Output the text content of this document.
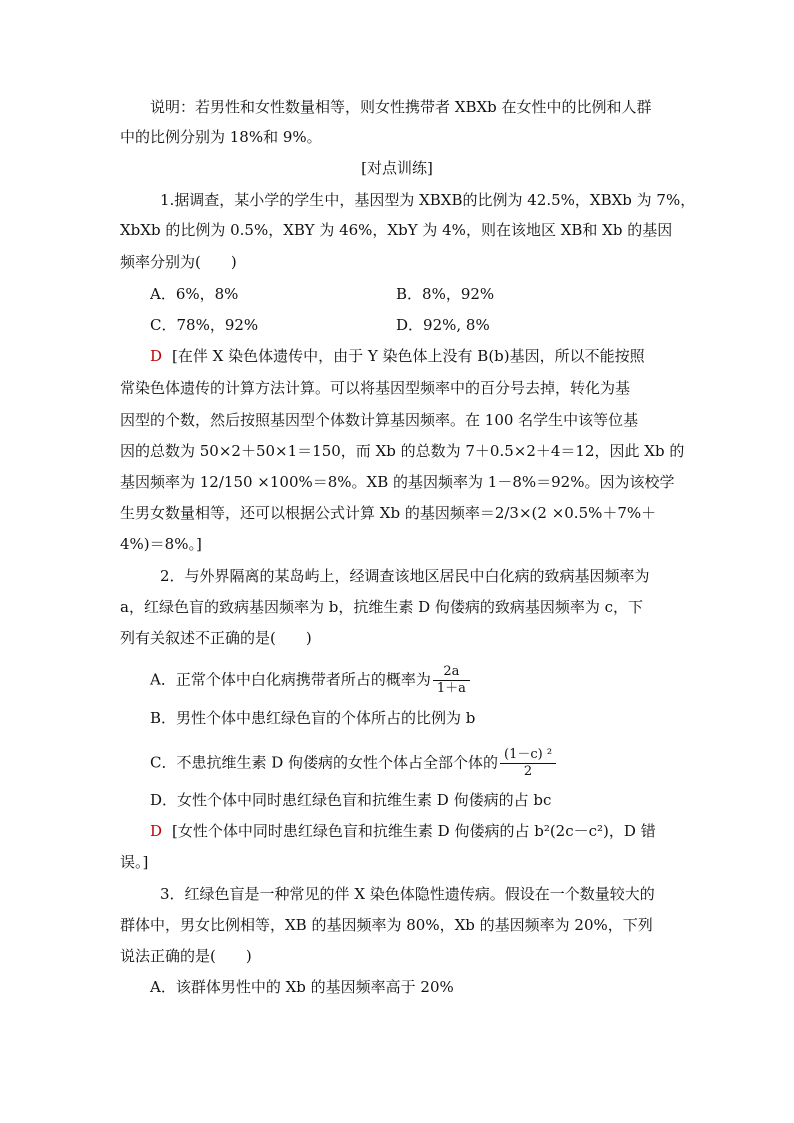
说明：若男性和女性数量相等，则女性携带者 XBXb 在女性中的比例和人群
中的比例分别为 18%和 9%。
[对点训练]
1.据调查，某小学的学生中，基因型为 XBXB的比例为 42.5%，XBXb 为 7%，
XbXb 的比例为 0.5%，XBY 为 46%，XbY 为 4%，则在该地区 XB和 Xb 的基因
频率分别为(　　)
A．6%，8%	B．8%，92%
C．78%，92%	D．92%, 8%
D [在伴 X 染色体遗传中，由于 Y 染色体上没有 B(b)基因，所以不能按照
常染色体遗传的计算方法计算。可以将基因型频率中的百分号去掉，转化为基
因型的个数，然后按照基因型个体数计算基因频率。在 100 名学生中该等位基
因的总数为 50×2＋50×1＝150，而 Xb 的总数为 7＋0.5×2＋4＝12，因此 Xb 的
基因频率为 12/150 ×100%＝8%。XB 的基因频率为 1－8%＝92%。因为该校学
生男女数量相等，还可以根据公式计算 Xb 的基因频率＝2/3×(2 ×0.5%＋7%＋
4%)＝8%。]
2．与外界隔离的某岛屿上，经调查该地区居民中白化病的致病基因频率为
a，红绿色盲的致病基因频率为 b，抗维生素 D 佝偻病的致病基因频率为 c，下
列有关叙述不正确的是(　　)
A．正常个体中白化病携带者所占的概率为 $\frac{2a}{1+a}$
B．男性个体中患红绿色盲的个体所占的比例为 b
C．不患抗维生素 D 佝偻病的女性个体占全部个体的 $\frac{\text{(1－c) ²}}{2}$
D．女性个体中同时患红绿色盲和抗维生素 D 佝偻病的占 bc
D [女性个体中同时患红绿色盲和抗维生素 D 佝偻病的占 b²(2c－c²)，D 错
误。]
3．红绿色盲是一种常见的伴 X 染色体隐性遗传病。假设在一个数量较大的
群体中，男女比例相等，XB 的基因频率为 80%，Xb 的基因频率为 20%，下列
说法正确的是(　　)
A．该群体男性中的 Xb 的基因频率高于 20%
